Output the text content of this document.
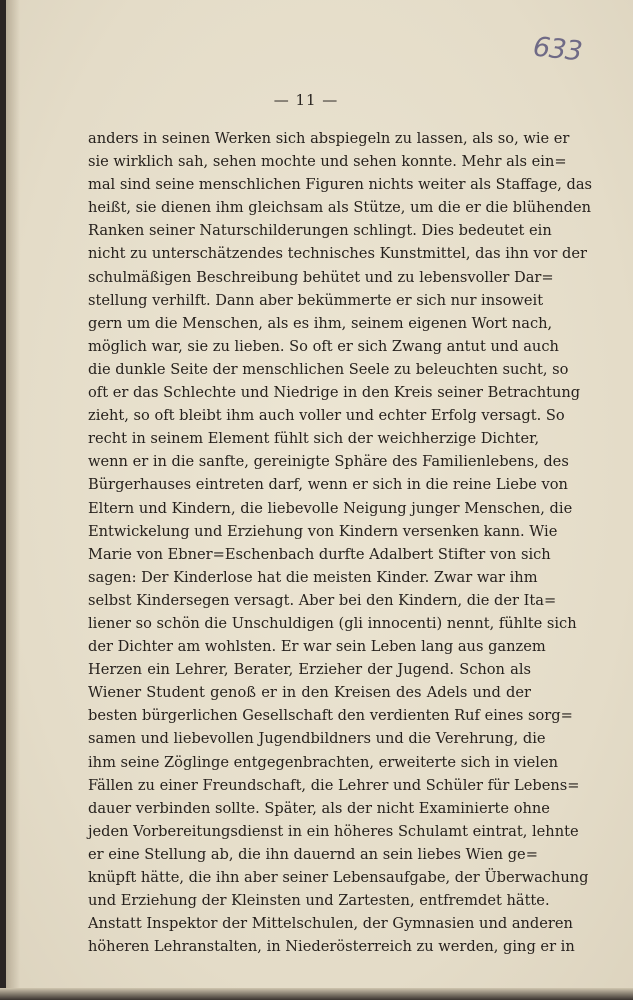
633
— 11 —
anders in seinen Werken sich abspiegeln zu lassen, als so, wie er
sie wirklich sah, sehen mochte und sehen konnte. Mehr als ein=
mal sind seine menschlichen Figuren nichts weiter als Staffage, das
heißt, sie dienen ihm gleichsam als Stütze, um die er die blühenden
Ranken seiner Naturschilderungen schlingt. Dies bedeutet ein
nicht zu unterschätzendes technisches Kunstmittel, das ihn vor der
schulmäßigen Beschreibung behütet und zu lebensvoller Dar=
stellung verhilft. Dann aber bekümmerte er sich nur insoweit
gern um die Menschen, als es ihm, seinem eigenen Wort nach,
möglich war, sie zu lieben. So oft er sich Zwang antut und auch
die dunkle Seite der menschlichen Seele zu beleuchten sucht, so
oft er das Schlechte und Niedrige in den Kreis seiner Betrachtung
zieht, so oft bleibt ihm auch voller und echter Erfolg versagt. So
recht in seinem Element fühlt sich der weichherzige Dichter,
wenn er in die sanfte, gereinigte Sphäre des Familienlebens, des
Bürgerhauses eintreten darf, wenn er sich in die reine Liebe von
Eltern und Kindern, die liebevolle Neigung junger Menschen, die
Entwickelung und Erziehung von Kindern versenken kann. Wie
Marie von Ebner=Eschenbach durfte Adalbert Stifter von sich
sagen: Der Kinderlose hat die meisten Kinder. Zwar war ihm
selbst Kindersegen versagt. Aber bei den Kindern, die der Ita=
liener so schön die Unschuldigen (gli innocenti) nennt, fühlte sich
der Dichter am wohlsten. Er war sein Leben lang aus ganzem
Herzen ein Lehrer, Berater, Erzieher der Jugend. Schon als
Wiener Student genoß er in den Kreisen des Adels und der
besten bürgerlichen Gesellschaft den verdienten Ruf eines sorg=
samen und liebevollen Jugendbildners und die Verehrung, die
ihm seine Zöglinge entgegenbrachten, erweiterte sich in vielen
Fällen zu einer Freundschaft, die Lehrer und Schüler für Lebens=
dauer verbinden sollte. Später, als der nicht Examinierte ohne
jeden Vorbereitungsdienst in ein höheres Schulamt eintrat, lehnte
er eine Stellung ab, die ihn dauernd an sein liebes Wien ge=
knüpft hätte, die ihn aber seiner Lebensaufgabe, der Überwachung
und Erziehung der Kleinsten und Zartesten, entfremdet hätte.
Anstatt Inspektor der Mittelschulen, der Gymnasien und anderen
höheren Lehranstalten, in Niederösterreich zu werden, ging er in
